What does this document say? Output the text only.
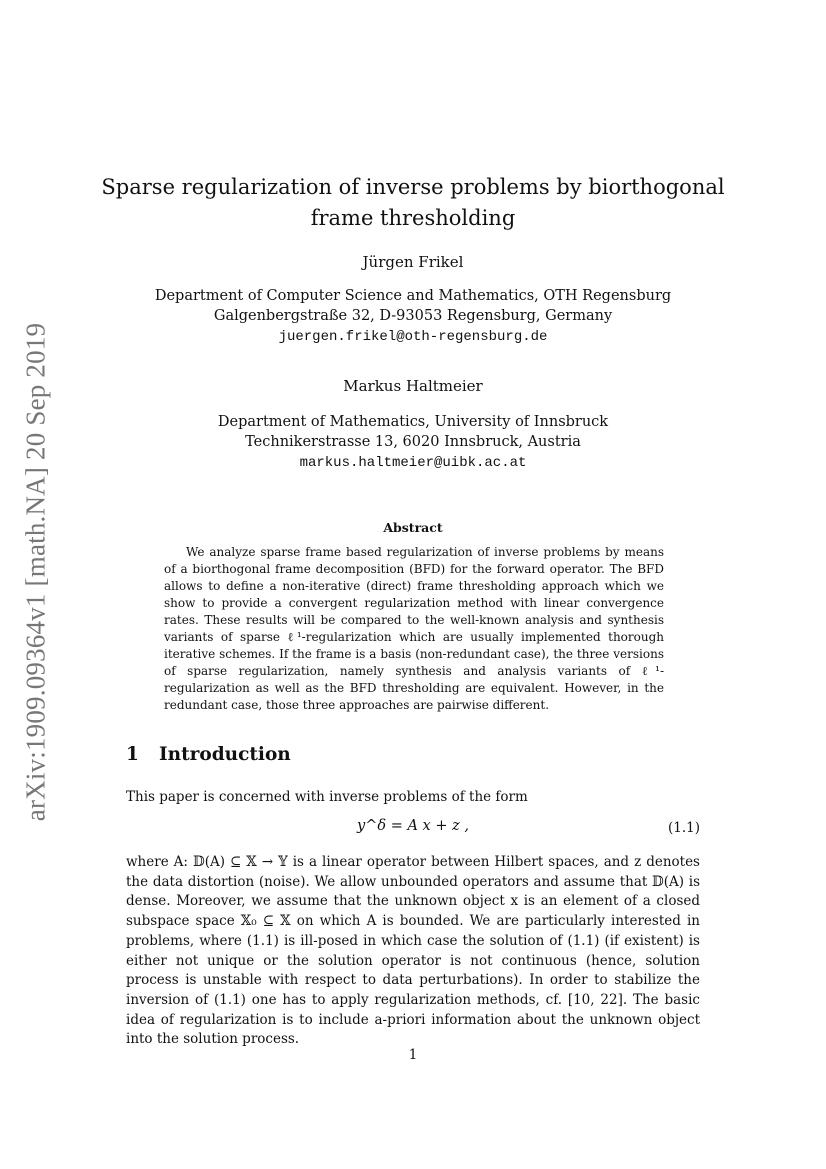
arXiv:1909.09364v1 [math.NA] 20 Sep 2019
Sparse regularization of inverse problems by biorthogonal frame thresholding
Jürgen Frikel
Department of Computer Science and Mathematics, OTH Regensburg
Galgenbergstraße 32, D-93053 Regensburg, Germany
juergen.frikel@oth-regensburg.de
Markus Haltmeier
Department of Mathematics, University of Innsbruck
Technikerstrasse 13, 6020 Innsbruck, Austria
markus.haltmeier@uibk.ac.at
Abstract
We analyze sparse frame based regularization of inverse problems by means of a biorthogonal frame decomposition (BFD) for the forward operator. The BFD allows to define a non-iterative (direct) frame thresholding approach which we show to provide a convergent regularization method with linear convergence rates. These results will be compared to the well-known analysis and synthesis variants of sparse ℓ¹-regularization which are usually implemented thorough iterative schemes. If the frame is a basis (non-redundant case), the three versions of sparse regularization, namely synthesis and analysis variants of ℓ¹-regularization as well as the BFD thresholding are equivalent. However, in the redundant case, those three approaches are pairwise different.
1 Introduction
This paper is concerned with inverse problems of the form
y^δ = A x + z ,	(1.1)
where A: 𝔻(A) ⊆ 𝕏 → 𝕐 is a linear operator between Hilbert spaces, and z denotes the data distortion (noise). We allow unbounded operators and assume that 𝔻(A) is dense. Moreover, we assume that the unknown object x is an element of a closed subspace space 𝕏₀ ⊆ 𝕏 on which A is bounded. We are particularly interested in problems, where (1.1) is ill-posed in which case the solution of (1.1) (if existent) is either not unique or the solution operator is not continuous (hence, solution process is unstable with respect to data perturbations). In order to stabilize the inversion of (1.1) one has to apply regularization methods, cf. [10, 22]. The basic idea of regularization is to include a-priori information about the unknown object into the solution process.
1
